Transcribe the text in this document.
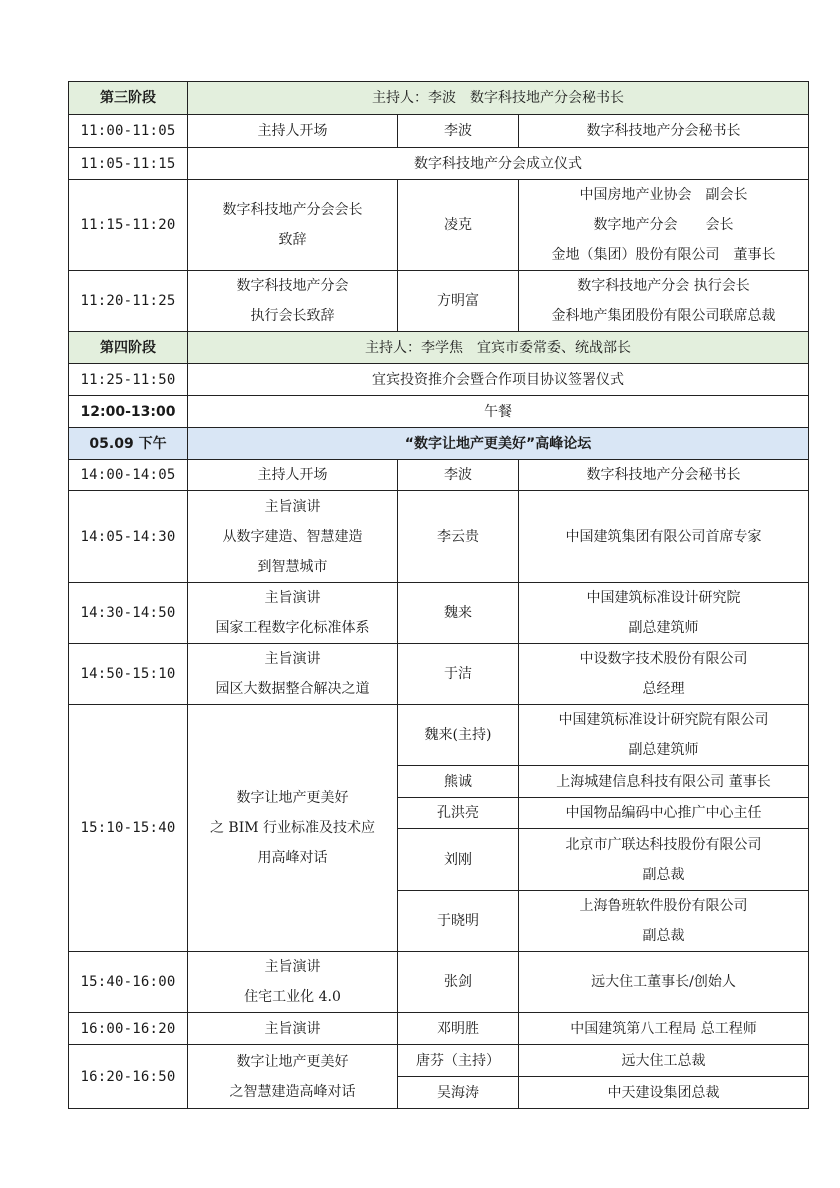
第三阶段	主持人：李波　数字科技地产分会秘书长		
11:00-11:05	主持人开场	李波	数字科技地产分会秘书长
11:05-11:15	数字科技地产分会成立仪式		
11:15-11:20	数字科技地产分会会长
致辞	凌克	中国房地产业协会　副会长
数字地产分会　　会长
金地（集团）股份有限公司　董事长

11:20-11:25	数字科技地产分会
执行会长致辞	方明富	数字科技地产分会 执行会长
金科地产集团股份有限公司联席总裁

第四阶段	主持人：李学焦　宜宾市委常委、统战部长		
11:25-11:50	宜宾投资推介会暨合作项目协议签署仪式		
12:00-13:00	午餐		
05.09 下午	“数字让地产更美好”高峰论坛		
14:00-14:05	主持人开场	李波	数字科技地产分会秘书长
14:05-14:30	主旨演讲
从数字建造、智慧建造
到智慧城市	李云贵	中国建筑集团有限公司首席专家
14:30-14:50	主旨演讲
国家工程数字化标准体系	魏来	中国建筑标准设计研究院
副总建筑师

14:50-15:10	主旨演讲
园区大数据整合解决之道	于洁	中设数字技术股份有限公司
总经理

15:10-15:40	数字让地产更美好
之 BIM 行业标准及技术应
用高峰对话	魏来(主持)	中国建筑标准设计研究院有限公司
副总建筑师

		熊诚	上海城建信息科技有限公司 董事长
		孔洪亮	中国物品编码中心推广中心主任
		刘刚	北京市广联达科技股份有限公司
副总裁

		于晓明	上海鲁班软件股份有限公司
副总裁

15:40-16:00	主旨演讲
住宅工业化 4.0	张剑	远大住工董事长/创始人
16:00-16:20	主旨演讲	邓明胜	中国建筑第八工程局 总工程师
16:20-16:50	数字让地产更美好
之智慧建造高峰对话	唐芬（主持）	远大住工总裁
		吴海涛	中天建设集团总裁
